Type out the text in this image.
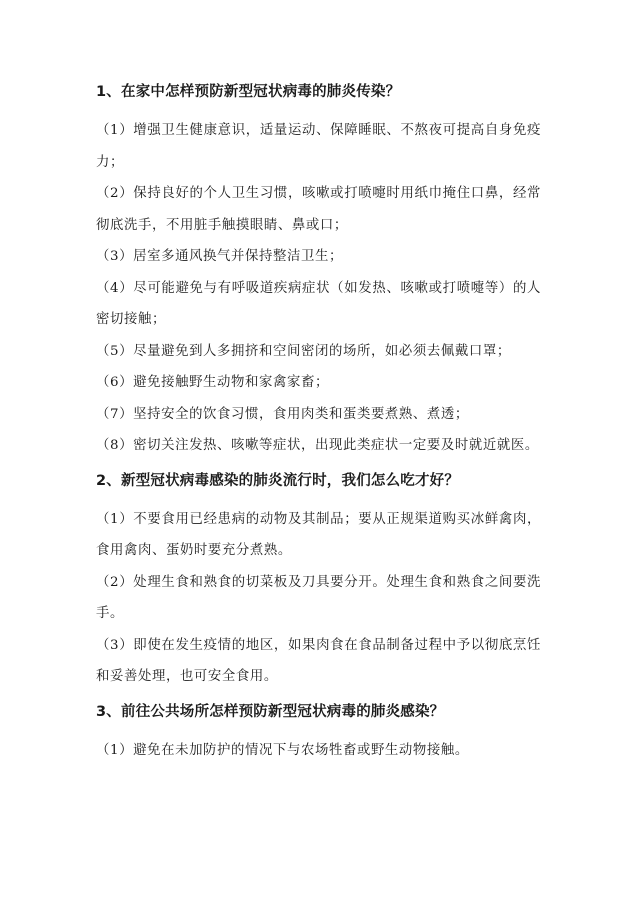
1、在家中怎样预防新型冠状病毒的肺炎传染？

（1）增强卫生健康意识，适量运动、保障睡眠、不熬夜可提高自身免疫力；

（2）保持良好的个人卫生习惯，咳嗽或打喷嚏时用纸巾掩住口鼻，经常彻底洗手，不用脏手触摸眼睛、鼻或口；

（3）居室多通风换气并保持整洁卫生；

（4）尽可能避免与有呼吸道疾病症状（如发热、咳嗽或打喷嚏等）的人密切接触；

（5）尽量避免到人多拥挤和空间密闭的场所，如必须去佩戴口罩；

（6）避免接触野生动物和家禽家畜；

（7）坚持安全的饮食习惯，食用肉类和蛋类要煮熟、煮透；

（8）密切关注发热、咳嗽等症状，出现此类症状一定要及时就近就医。

2、新型冠状病毒感染的肺炎流行时，我们怎么吃才好？

（1）不要食用已经患病的动物及其制品；要从正规渠道购买冰鲜禽肉，食用禽肉、蛋奶时要充分煮熟。

（2）处理生食和熟食的切菜板及刀具要分开。处理生食和熟食之间要洗手。

（3）即使在发生疫情的地区，如果肉食在食品制备过程中予以彻底烹饪和妥善处理，也可安全食用。

3、前往公共场所怎样预防新型冠状病毒的肺炎感染？

（1）避免在未加防护的情况下与农场牲畜或野生动物接触。
